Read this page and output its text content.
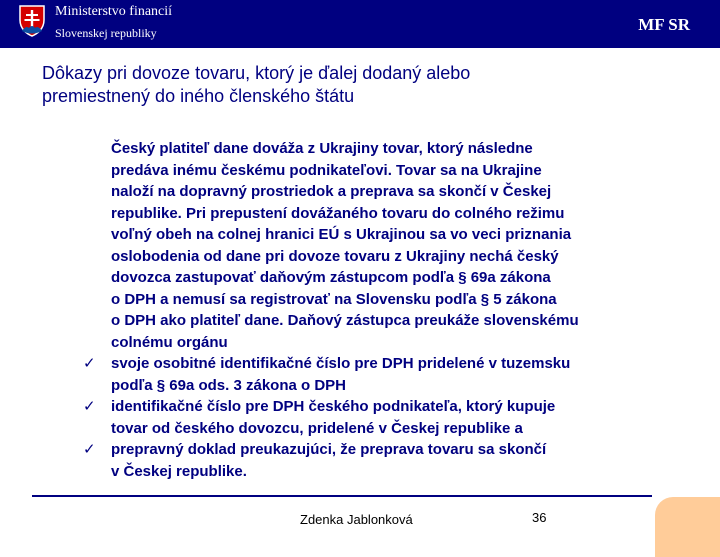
Ministerstvo financií
Slovenskej republiky	MF SR
Dôkazy pri dovoze tovaru, ktorý je ďalej dodaný alebo
premiestnený do iného členského štátu
Český platiteľ dane dováža z Ukrajiny tovar, ktorý následne
predáva inému českému podnikateľovi. Tovar sa na Ukrajine
naloží na dopravný prostriedok a preprava sa skončí v Českej
republike. Pri prepustení dovážaného tovaru do colného režimu
voľný obeh na colnej hranici EÚ s Ukrajinou sa vo veci priznania
oslobodenia od dane pri dovoze tovaru z Ukrajiny nechá český
dovozca zastupovať daňovým zástupcom podľa § 69a zákona
o DPH a nemusí sa registrovať na Slovensku podľa § 5 zákona
o DPH ako platiteľ dane. Daňový zástupca preukáže slovenskému
colnému orgánu
✓ svoje osobitné identifikačné číslo pre DPH pridelené v tuzemsku
podľa § 69a ods. 3 zákona o DPH
✓ identifikačné číslo pre DPH českého podnikateľa, ktorý kupuje
tovar od českého dovozcu, pridelené v Českej republike a
✓ prepravný doklad preukazujúci, že preprava tovaru sa skončí
v Českej republike.
Zdenka Jablonková	36
